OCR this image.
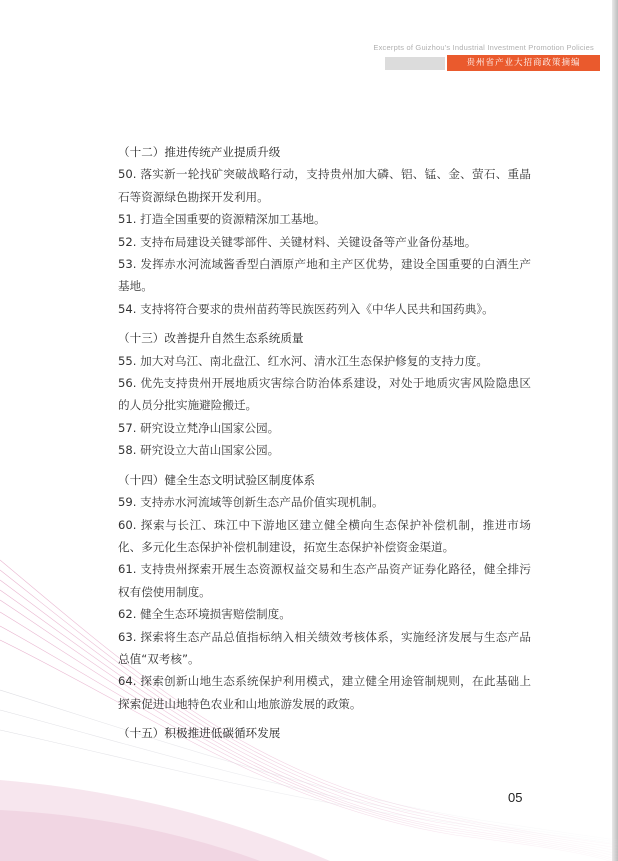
Excerpts of Guizhou's Industrial Investment Promotion Policies
贵州省产业大招商政策摘编
（十二）推进传统产业提质升级
50. 落实新一轮找矿突破战略行动，支持贵州加大磷、铝、锰、金、萤石、重晶石等资源绿色勘探开发利用。
51. 打造全国重要的资源精深加工基地。
52. 支持布局建设关键零部件、关键材料、关键设备等产业备份基地。
53. 发挥赤水河流域酱香型白酒原产地和主产区优势，建设全国重要的白酒生产基地。
54. 支持将符合要求的贵州苗药等民族医药列入《中华人民共和国药典》。
（十三）改善提升自然生态系统质量
55. 加大对乌江、南北盘江、红水河、清水江生态保护修复的支持力度。
56. 优先支持贵州开展地质灾害综合防治体系建设，对处于地质灾害风险隐患区的人员分批实施避险搬迁。
57. 研究设立梵净山国家公园。
58. 研究设立大苗山国家公园。
（十四）健全生态文明试验区制度体系
59. 支持赤水河流域等创新生态产品价值实现机制。
60. 探索与长江、珠江中下游地区建立健全横向生态保护补偿机制，推进市场化、多元化生态保护补偿机制建设，拓宽生态保护补偿资金渠道。
61. 支持贵州探索开展生态资源权益交易和生态产品资产证券化路径，健全排污权有偿使用制度。
62. 健全生态环境损害赔偿制度。
63. 探索将生态产品总值指标纳入相关绩效考核体系，实施经济发展与生态产品总值“双考核”。
64. 探索创新山地生态系统保护利用模式，建立健全用途管制规则，在此基础上探索促进山地特色农业和山地旅游发展的政策。
（十五）积极推进低碳循环发展
05
